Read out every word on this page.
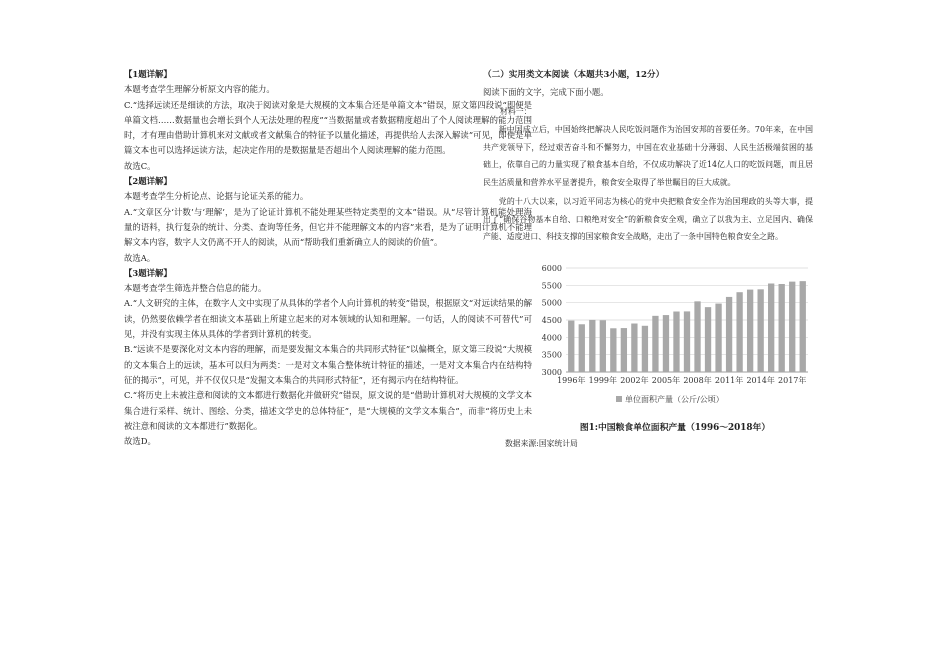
【1题详解】

本题考查学生理解分析原文内容的能力。

C.“选择远读还是细读的方法，取决于阅读对象是大规模的文本集合还是单篇文本”错误，原文第四段说“即便是单篇文档……数据量也会增长到个人无法处理的程度”“当数据量或者数据精度超出了个人阅读理解的能力范围时，才有理由借助计算机来对文献或者文献集合的特征予以量化描述，再提供给人去深入解读”可见，即使是单篇文本也可以选择远读方法，起决定作用的是数据量是否超出个人阅读理解的能力范围。

故选C。

【2题详解】

本题考查学生分析论点、论据与论证关系的能力。

A.“文章区分‘计数’与‘理解’，是为了论证计算机不能处理某些特定类型的文本”错误。从“尽管计算机能处理海量的语料，执行复杂的统计、分类、查询等任务，但它并不能理解文本的内容”来看，是为了证明计算机不能理解文本内容，数字人文仍离不开人的阅读，从而“帮助我们重新确立人的阅读的价值”。

故选A。

【3题详解】

本题考查学生筛选并整合信息的能力。

A.“人文研究的主体，在数字人文中实现了从具体的学者个人向计算机的转变”错误，根据原文“对远读结果的解读，仍然要依赖学者在细读文本基础上所建立起来的对本领域的认知和理解。一句话，人的阅读不可替代”可见，并没有实现主体从具体的学者到计算机的转变。

B.“远读不是要深化对文本内容的理解，而是要发掘文本集合的共同形式特征”以偏概全，原文第三段说“大规模的文本集合上的远读，基本可以归为两类：一是对文本集合整体统计特征的描述，一是对文本集合内在结构特征的揭示”，可见，并不仅仅只是“发掘文本集合的共同形式特征”，还有揭示内在结构特征。

C.“将历史上未被注意和阅读的文本都进行数据化并做研究”错误，原文说的是“借助计算机对大规模的文学文本集合进行采样、统计、图绘、分类，描述文学史的总体特征”，是“大规模的文学文本集合”，而非“将历史上未被注意和阅读的文本都进行”数据化。

故选D。

（二）实用类文本阅读（本题共3小题，12分）

阅读下面的文字，完成下面小题。

材料一：

新中国成立后，中国始终把解决人民吃饭问题作为治国安邦的首要任务。70年来，在中国共产党领导下，经过艰苦奋斗和不懈努力，中国在农业基础十分薄弱、人民生活极端贫困的基础上，依靠自己的力量实现了粮食基本自给，不仅成功解决了近14亿人口的吃饭问题，而且居民生活质量和营养水平显著提升，粮食安全取得了举世瞩目的巨大成就。

党的十八大以来，以习近平同志为核心的党中央把粮食安全作为治国理政的头等大事，提出了“确保谷物基本自给、口粮绝对安全”的新粮食安全观，确立了以我为主、立足国内、确保产能、适度进口、科技支撑的国家粮食安全战略，走出了一条中国特色粮食安全之路。

3000
3500
4000
4500
5000
5500
6000
1996年 1999年 2002年 2005年 2008年 2011年 2014年 2017年
单位面积产量（公斤/公顷）

图1:中国粮食单位面积产量（1996～2018年）

数据来源:国家统计局
